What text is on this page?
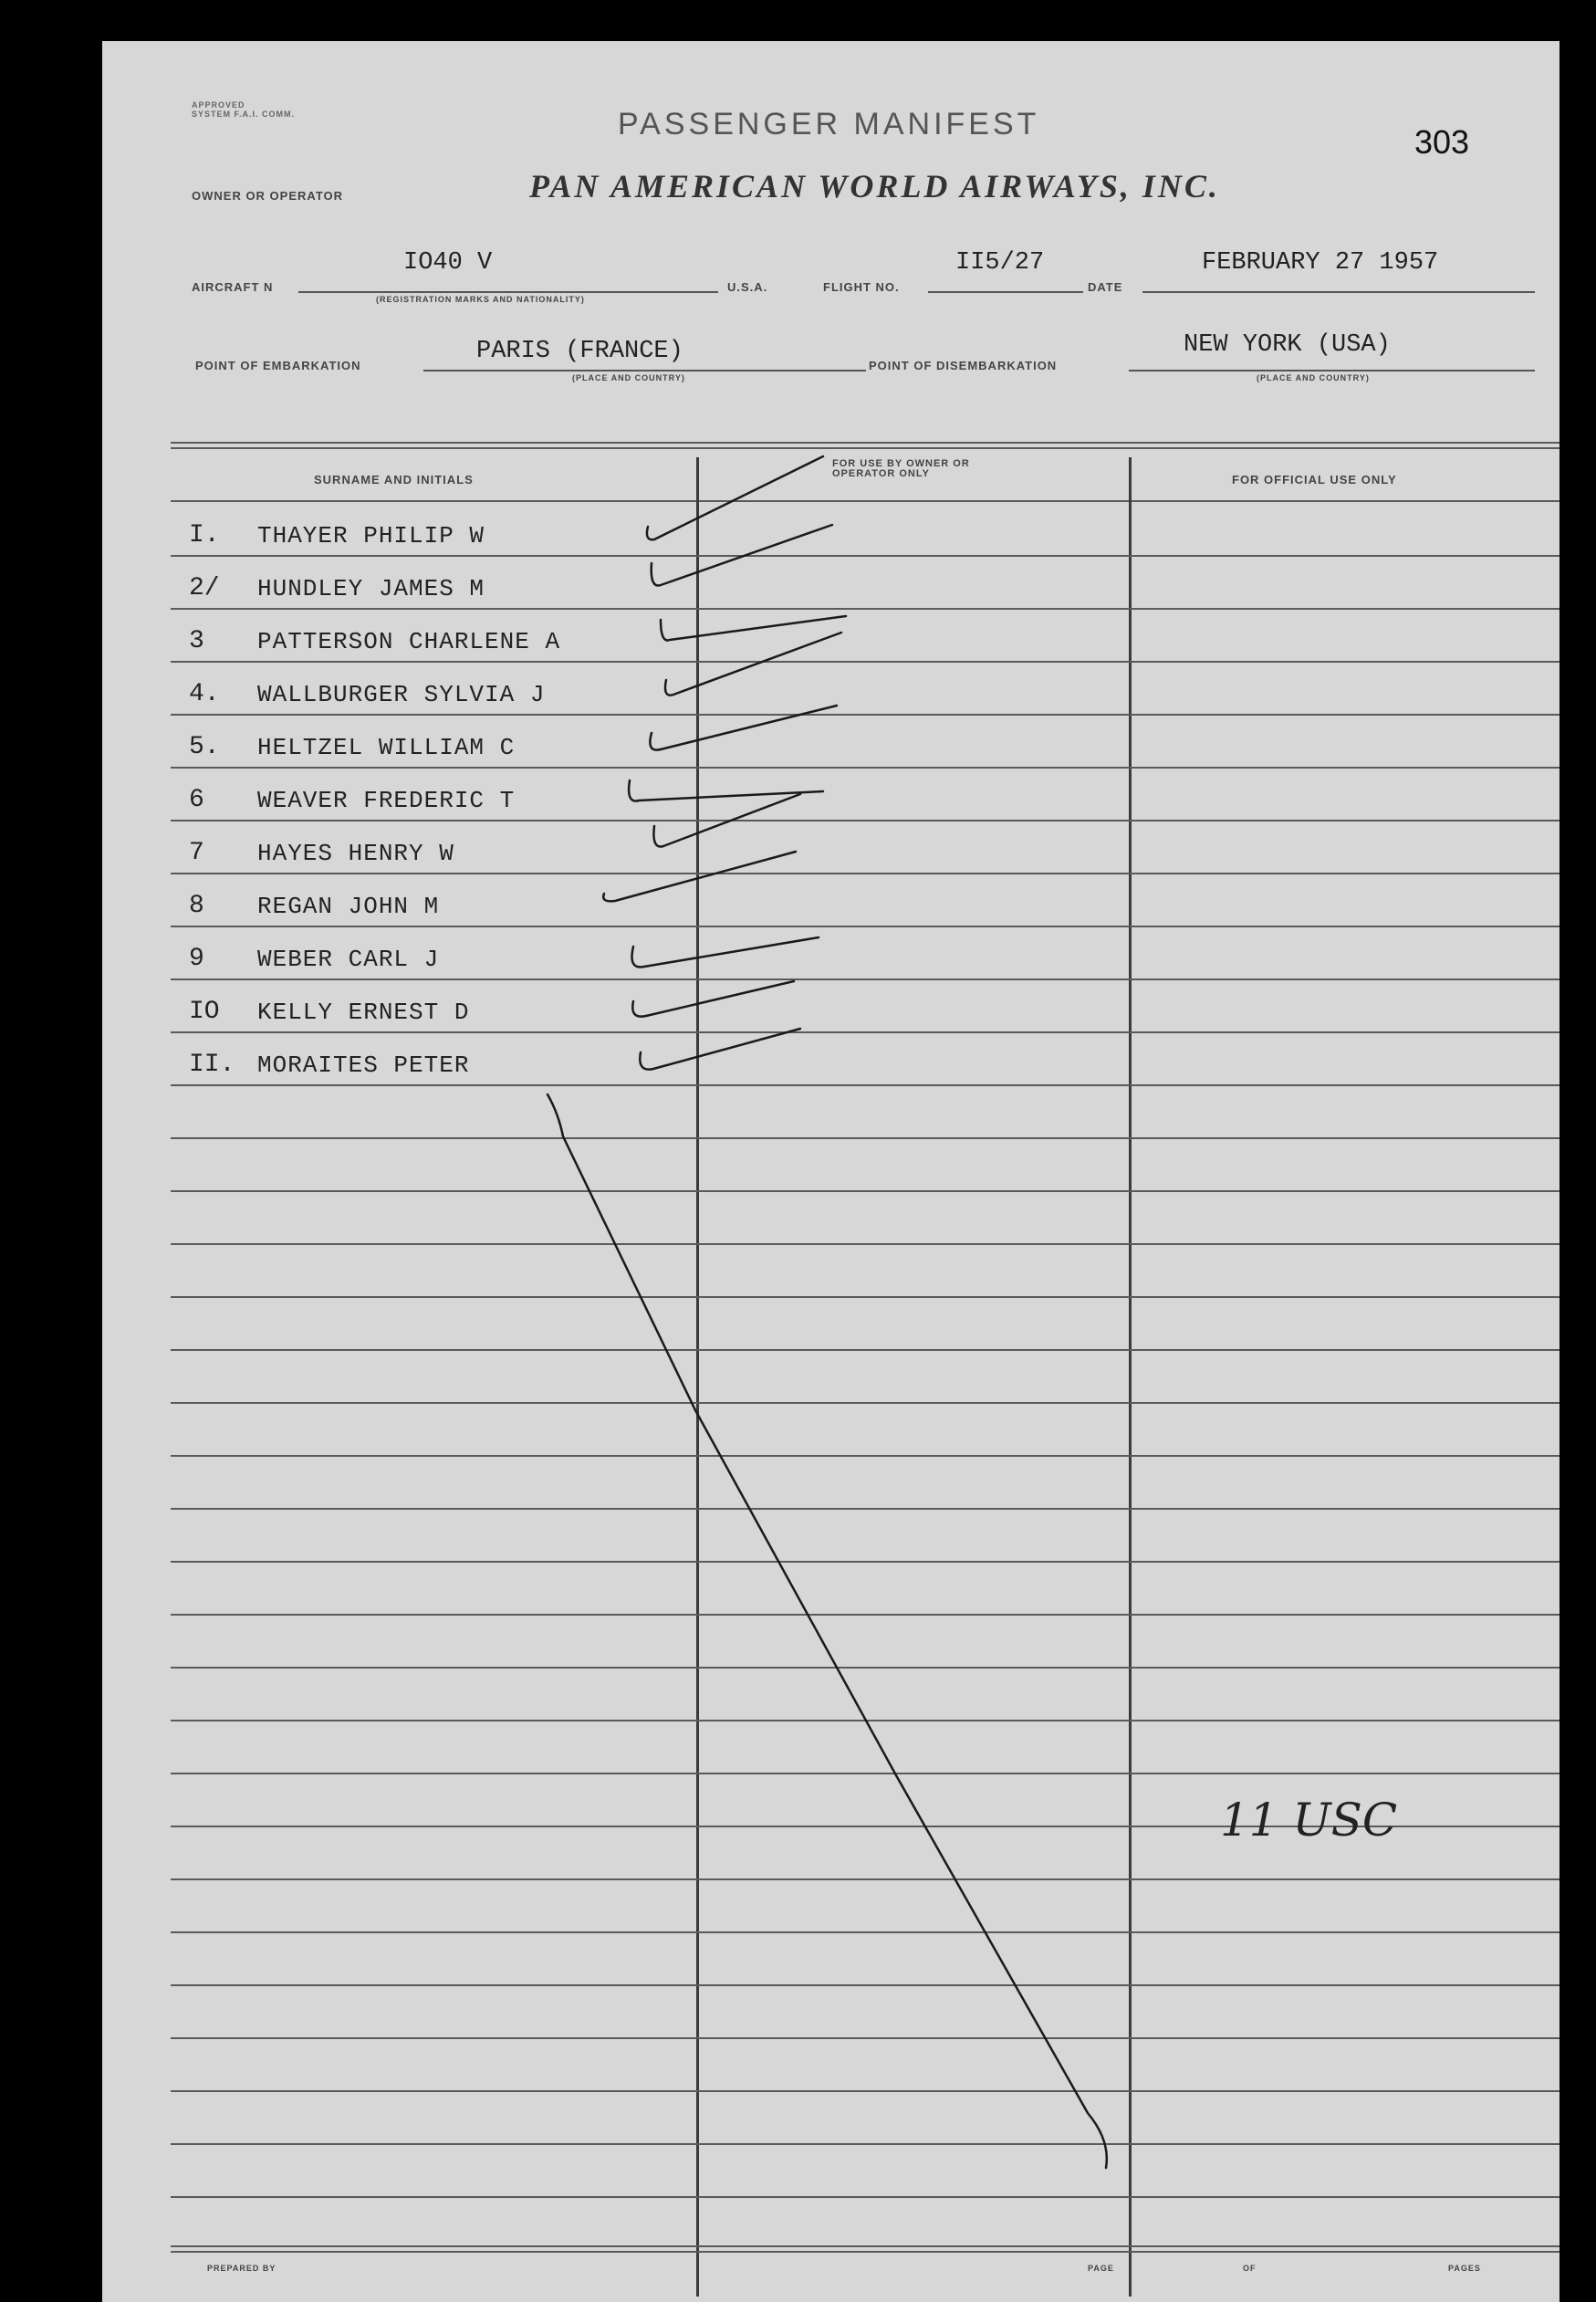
APPROVED
SYSTEM F.A.I. COMM.	PASSENGER MANIFEST	303
OWNER OR OPERATOR	PAN AMERICAN WORLD AIRWAYS, INC.
AIRCRAFT N
IO40 V
(REGISTRATION MARKS AND NATIONALITY)
U.S.A.	FLIGHT NO.
II5/27
DATE
FEBRUARY 27 1957
POINT OF EMBARKATION
PARIS (FRANCE)
(PLACE AND COUNTRY)
POINT OF DISEMBARKATION
NEW YORK (USA)
(PLACE AND COUNTRY)
SURNAME AND INITIALS
FOR USE BY OWNER OR OPERATOR ONLY	FOR OFFICIAL USE ONLY
I.	THAYER PHILIP W
2/	HUNDLEY JAMES M
3	PATTERSON CHARLENE A
4.	WALLBURGER SYLVIA J
5.	HELTZEL WILLIAM C
6	WEAVER FREDERIC T
7	HAYES HENRY W
8	REGAN JOHN M
9	WEBER CARL J
IO	KELLY ERNEST D
II. MORAITES PETER
11 USC
PREPARED BY	PAGE	OF	PAGES
